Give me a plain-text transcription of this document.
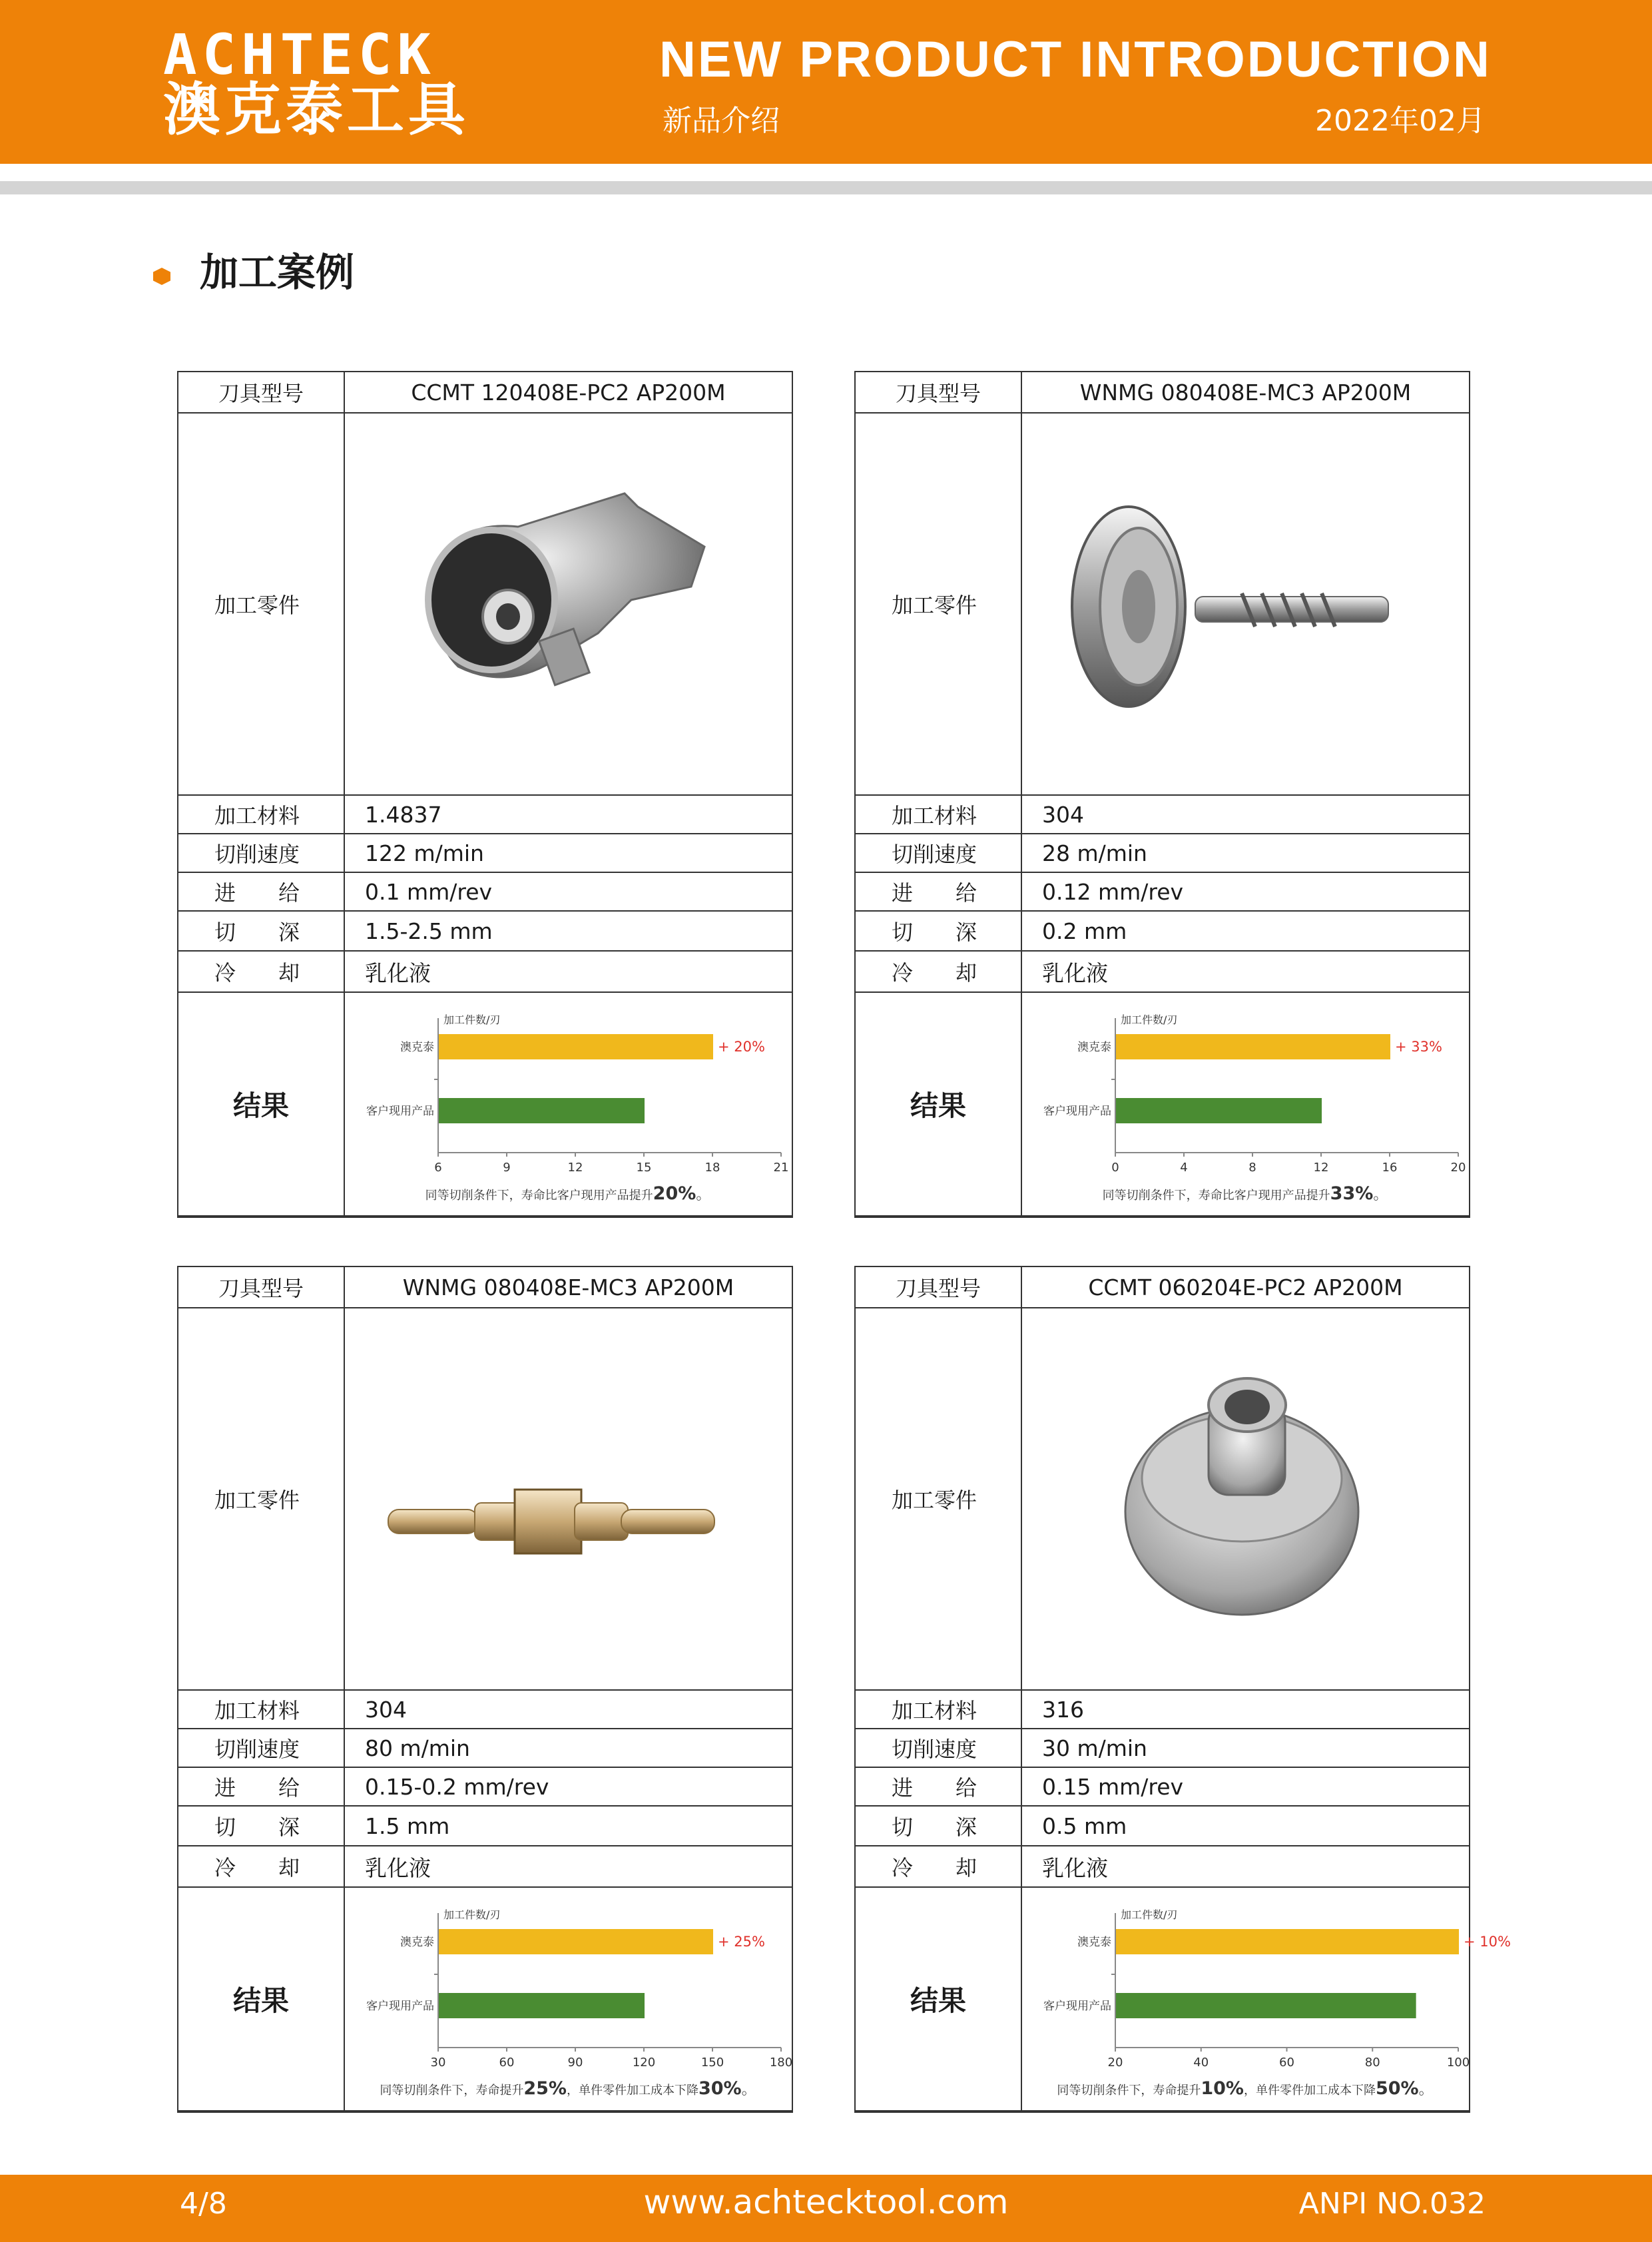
ACHTECK
澳克泰工具
NEW PRODUCT INTRODUCTION
新品介绍	2022年02月
加工案例
刀具型号	CCMT 120408E-PC2 AP200M
加工零件
加工材料	1.4837
切削速度	122 m/min
进　　给	0.1 mm/rev
切　　深	1.5-2.5 mm
冷　　却	乳化液
结果
加工件数/刃
澳克泰
客户现用产品
+ 20%
6	9	12	15	18	21
同等切削条件下，寿命比客户现用产品提升20%。
刀具型号	WNMG 080408E-MC3 AP200M
加工零件
加工材料	304
切削速度	28 m/min
进　　给	0.12 mm/rev
切　　深	0.2 mm
冷　　却	乳化液
结果
加工件数/刃
澳克泰
客户现用产品
+ 33%
0	4	8	12	16	20
同等切削条件下，寿命比客户现用产品提升33%。
刀具型号	WNMG 080408E-MC3 AP200M
加工零件
加工材料	304
切削速度	80 m/min
进　　给	0.15-0.2 mm/rev
切　　深	1.5 mm
冷　　却	乳化液
结果
加工件数/刃
澳克泰
客户现用产品
+ 25%
30	60	90	120	150	180
同等切削条件下，寿命提升25%，单件零件加工成本下降30%。
刀具型号	CCMT 060204E-PC2 AP200M
加工零件
加工材料	316
切削速度	30 m/min
进　　给	0.15 mm/rev
切　　深	0.5 mm
冷　　却	乳化液
结果
加工件数/刃
澳克泰
客户现用产品
+ 10%
20	40	60	80	100
同等切削条件下，寿命提升10%，单件零件加工成本下降50%。
4/8	www.achtecktool.com	ANPI NO.032
